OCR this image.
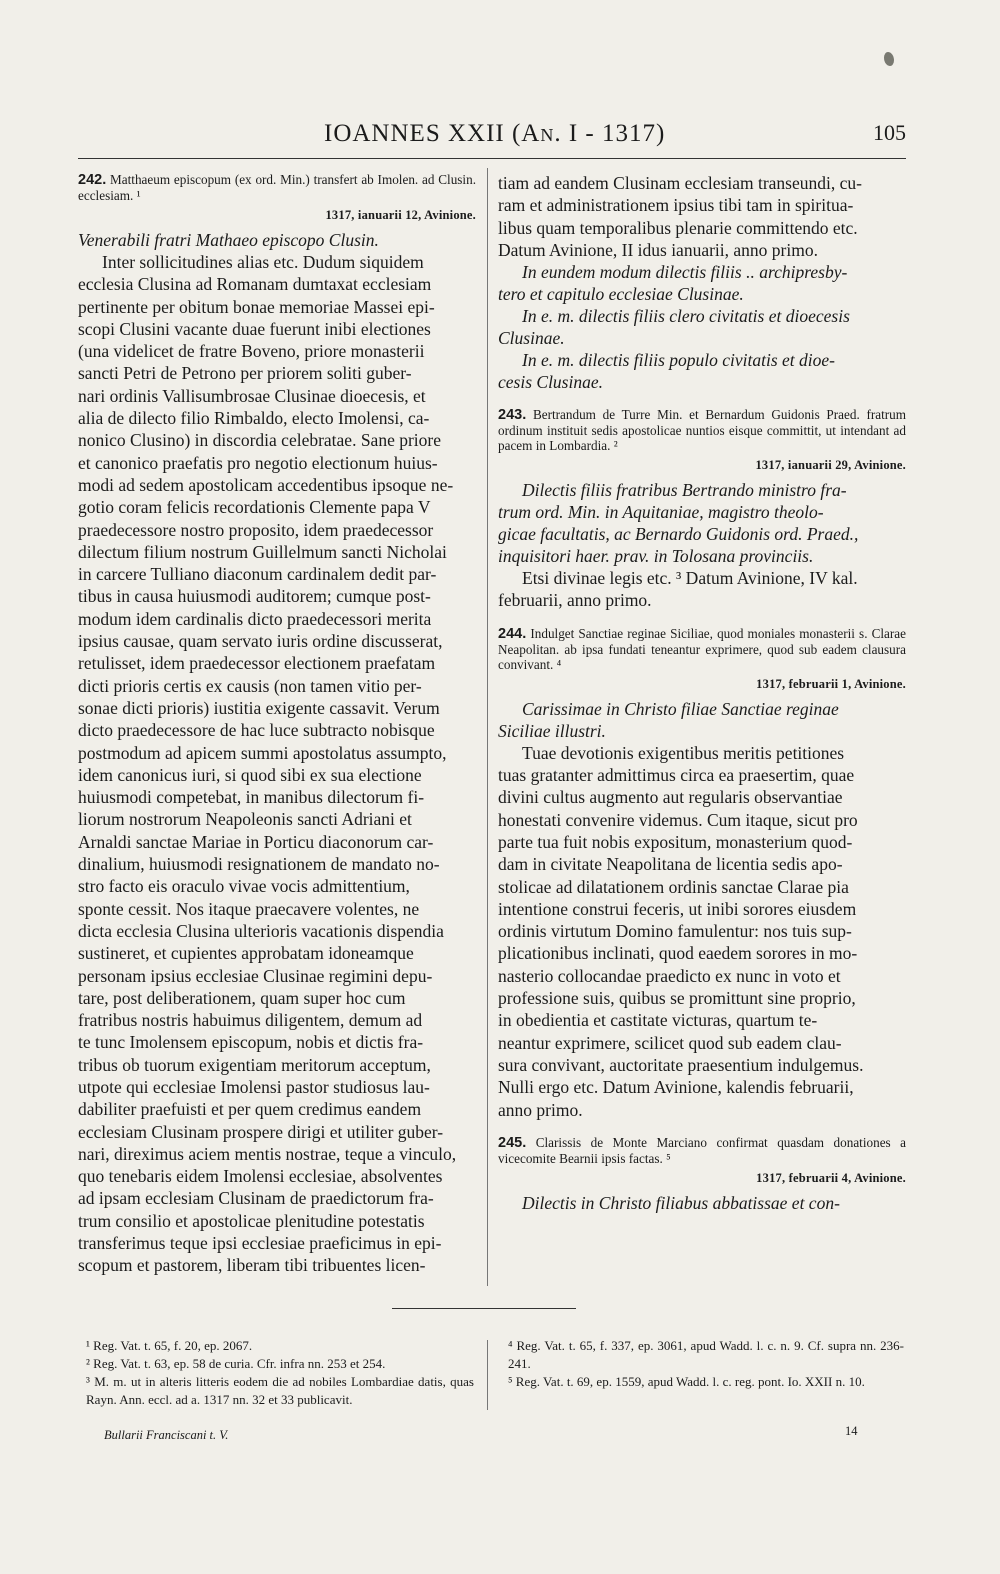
IOANNES XXII (AN. I - 1317)	105

242. Matthaeum episcopum (ex ord. Min.) transfert ab Imolen. ad Clusin. ecclesiam. ¹

1317, ianuarii 12, Avinione.

Venerabili fratri Mathaeo episcopo Clusin.

Inter sollicitudines alias etc. Dudum siquidem
ecclesia Clusina ad Romanam dumtaxat ecclesiam
pertinente per obitum bonae memoriae Massei epi-
scopi Clusini vacante duae fuerunt inibi electiones
(una videlicet de fratre Boveno, priore monasterii
sancti Petri de Petrono per priorem soliti guber-
nari ordinis Vallisumbrosae Clusinae dioecesis, et
alia de dilecto filio Rimbaldo, electo Imolensi, ca-
nonico Clusino) in discordia celebratae. Sane priore
et canonico praefatis pro negotio electionum huius-
modi ad sedem apostolicam accedentibus ipsoque ne-
gotio coram felicis recordationis Clemente papa V
praedecessore nostro proposito, idem praedecessor
dilectum filium nostrum Guillelmum sancti Nicholai
in carcere Tulliano diaconum cardinalem dedit par-
tibus in causa huiusmodi auditorem; cumque post-
modum idem cardinalis dicto praedecessori merita
ipsius causae, quam servato iuris ordine discusserat,
retulisset, idem praedecessor electionem praefatam
dicti prioris certis ex causis (non tamen vitio per-
sonae dicti prioris) iustitia exigente cassavit. Verum
dicto praedecessore de hac luce subtracto nobisque
postmodum ad apicem summi apostolatus assumpto,
idem canonicus iuri, si quod sibi ex sua electione
huiusmodi competebat, in manibus dilectorum fi-
liorum nostrorum Neapoleonis sancti Adriani et
Arnaldi sanctae Mariae in Porticu diaconorum car-
dinalium, huiusmodi resignationem de mandato no-
stro facto eis oraculo vivae vocis admittentium,
sponte cessit. Nos itaque praecavere volentes, ne
dicta ecclesia Clusina ulterioris vacationis dispendia
sustineret, et cupientes approbatam idoneamque
personam ipsius ecclesiae Clusinae regimini depu-
tare, post deliberationem, quam super hoc cum
fratribus nostris habuimus diligentem, demum ad
te tunc Imolensem episcopum, nobis et dictis fra-
tribus ob tuorum exigentiam meritorum acceptum,
utpote qui ecclesiae Imolensi pastor studiosus lau-
dabiliter praefuisti et per quem credimus eandem
ecclesiam Clusinam prospere dirigi et utiliter guber-
nari, direximus aciem mentis nostrae, teque a vinculo,
quo tenebaris eidem Imolensi ecclesiae, absolventes
ad ipsam ecclesiam Clusinam de praedictorum fra-
trum consilio et apostolicae plenitudine potestatis
transferimus teque ipsi ecclesiae praeficimus in epi-
scopum et pastorem, liberam tibi tribuentes licen-
tiam ad eandem Clusinam ecclesiam transeundi, cu-
ram et administrationem ipsius tibi tam in spiritua-
libus quam temporalibus plenarie committendo etc.
Datum Avinione, II idus ianuarii, anno primo.
In eundem modum dilectis filiis .. archipresby-
tero et capitulo ecclesiae Clusinae.
In e. m. dilectis filiis clero civitatis et dioecesis
Clusinae.
In e. m. dilectis filiis populo civitatis et dioe-
cesis Clusinae.

243. Bertrandum de Turre Min. et Bernardum Guidonis Praed. fratrum ordinum instituit sedis apostolicae nuntios eisque committit, ut intendant ad pacem in Lombardia. ²

1317, ianuarii 29, Avinione.

Dilectis filiis fratribus Bertrando ministro fra-
trum ord. Min. in Aquitaniae, magistro theolo-
gicae facultatis, ac Bernardo Guidonis ord. Praed.,
inquisitori haer. prav. in Tolosana provinciis.
Etsi divinae legis etc. ³ Datum Avinione, IV kal.
februarii, anno primo.

244. Indulget Sanctiae reginae Siciliae, quod moniales monasterii s. Clarae Neapolitan. ab ipsa fundati teneantur exprimere, quod sub eadem clausura convivant. ⁴

1317, februarii 1, Avinione.

Carissimae in Christo filiae Sanctiae reginae
Siciliae illustri.
Tuae devotionis exigentibus meritis petitiones
tuas gratanter admittimus circa ea praesertim, quae
divini cultus augmento aut regularis observantiae
honestati convenire videmus. Cum itaque, sicut pro
parte tua fuit nobis expositum, monasterium quod-
dam in civitate Neapolitana de licentia sedis apo-
stolicae ad dilatationem ordinis sanctae Clarae pia
intentione construi feceris, ut inibi sorores eiusdem
ordinis virtutum Domino famulentur: nos tuis sup-
plicationibus inclinati, quod eaedem sorores in mo-
nasterio collocandae praedicto ex nunc in voto et
professione suis, quibus se promittunt sine proprio,
in obedientia et castitate victuras, quartum te-
neantur exprimere, scilicet quod sub eadem clau-
sura convivant, auctoritate praesentium indulgemus.
Nulli ergo etc. Datum Avinione, kalendis februarii,
anno primo.

245. Clarissis de Monte Marciano confirmat quasdam donationes a vicecomite Bearnii ipsis factas. ⁵

1317, februarii 4, Avinione.

Dilectis in Christo filiabus abbatissae et con-

¹ Reg. Vat. t. 65, f. 20, ep. 2067.

² Reg. Vat. t. 63, ep. 58 de curia. Cfr. infra nn. 253 et 254.

³ M. m. ut in alteris litteris eodem die ad nobiles Lombardiae datis, quas Rayn. Ann. eccl. ad a. 1317 nn. 32 et 33 publicavit.

⁴ Reg. Vat. t. 65, f. 337, ep. 3061, apud Wadd. l. c. n. 9. Cf. supra nn. 236-241.

⁵ Reg. Vat. t. 69, ep. 1559, apud Wadd. l. c. reg. pont. Io. XXII n. 10.

Bullarii Franciscani t. V.	14
